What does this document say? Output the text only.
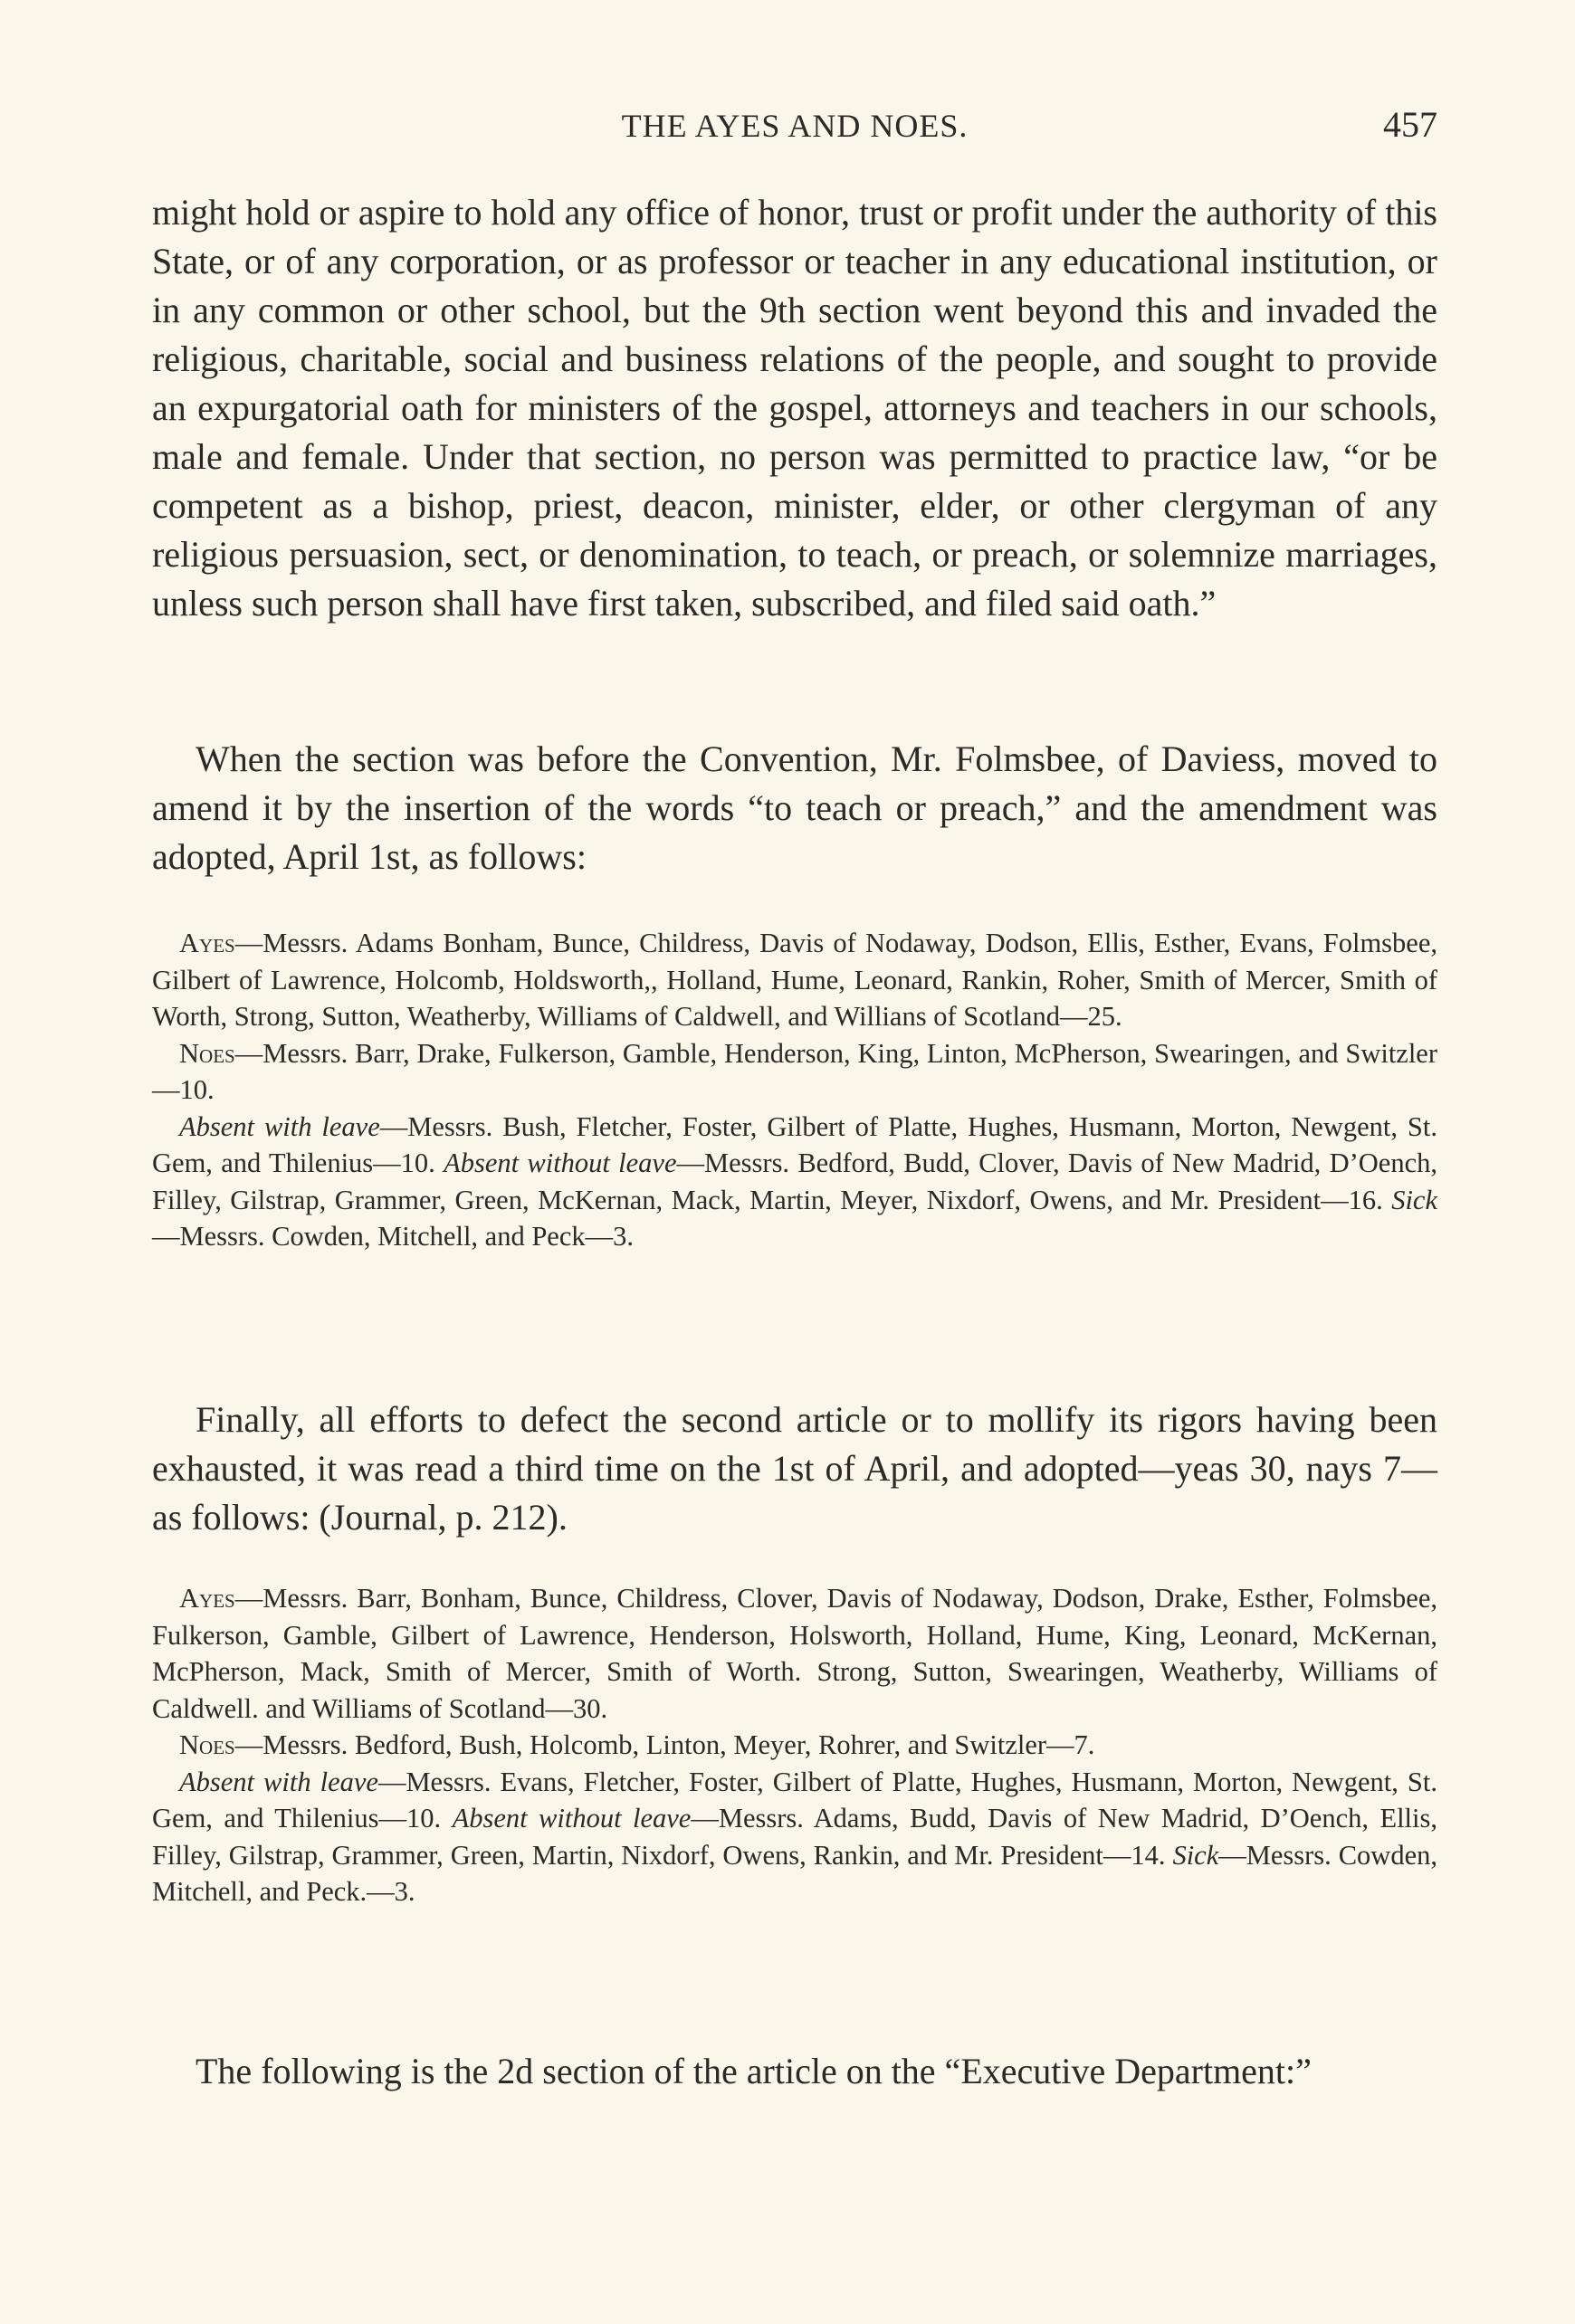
THE AYES AND NOES.	457

might hold or aspire to hold any office of honor, trust or profit under the authority of this State, or of any corporation, or as professor or teacher in any educational institution, or in any common or other school, but the 9th section went beyond this and invaded the religious, charitable, social and business relations of the people, and sought to provide an expurgatorial oath for ministers of the gospel, attorneys and teachers in our schools, male and female. Under that section, no person was permitted to practice law, “or be competent as a bishop, priest, deacon, minister, elder, or other clergyman of any religious persuasion, sect, or denomination, to teach, or preach, or solemnize marriages, unless such person shall have first taken, subscribed, and filed said oath.”

When the section was before the Convention, Mr. Folmsbee, of Daviess, moved to amend it by the insertion of the words “to teach or preach,” and the amendment was adopted, April 1st, as follows:

Ayes—Messrs. Adams Bonham, Bunce, Childress, Davis of Nodaway, Dodson, Ellis, Esther, Evans, Folmsbee, Gilbert of Lawrence, Holcomb, Holdsworth,, Holland, Hume, Leonard, Rankin, Roher, Smith of Mercer, Smith of Worth, Strong, Sutton, Weatherby, Williams of Caldwell, and Willians of Scotland—25.

Noes—Messrs. Barr, Drake, Fulkerson, Gamble, Henderson, King, Linton, McPherson, Swearingen, and Switzler—10.

Absent with leave—Messrs. Bush, Fletcher, Foster, Gilbert of Platte, Hughes, Husmann, Morton, Newgent, St. Gem, and Thilenius—10. Absent without leave—Messrs. Bedford, Budd, Clover, Davis of New Madrid, D’Oench, Filley, Gilstrap, Grammer, Green, McKernan, Mack, Martin, Meyer, Nixdorf, Owens, and Mr. President—16. Sick—Messrs. Cowden, Mitchell, and Peck—3.

Finally, all efforts to defect the second article or to mollify its rigors having been exhausted, it was read a third time on the 1st of April, and adopted—yeas 30, nays 7—as follows: (Journal, p. 212).

Ayes—Messrs. Barr, Bonham, Bunce, Childress, Clover, Davis of Nodaway, Dodson, Drake, Esther, Folmsbee, Fulkerson, Gamble, Gilbert of Lawrence, Henderson, Holsworth, Holland, Hume, King, Leonard, McKernan, McPherson, Mack, Smith of Mercer, Smith of Worth. Strong, Sutton, Swearingen, Weatherby, Williams of Caldwell. and Williams of Scotland—30.

Noes—Messrs. Bedford, Bush, Holcomb, Linton, Meyer, Rohrer, and Switzler—7.

Absent with leave—Messrs. Evans, Fletcher, Foster, Gilbert of Platte, Hughes, Husmann, Morton, Newgent, St. Gem, and Thilenius—10. Absent without leave—Messrs. Adams, Budd, Davis of New Madrid, D’Oench, Ellis, Filley, Gilstrap, Grammer, Green, Martin, Nixdorf, Owens, Rankin, and Mr. President—14. Sick—Messrs. Cowden, Mitchell, and Peck.—3.

The following is the 2d section of the article on the “Executive Department:”
